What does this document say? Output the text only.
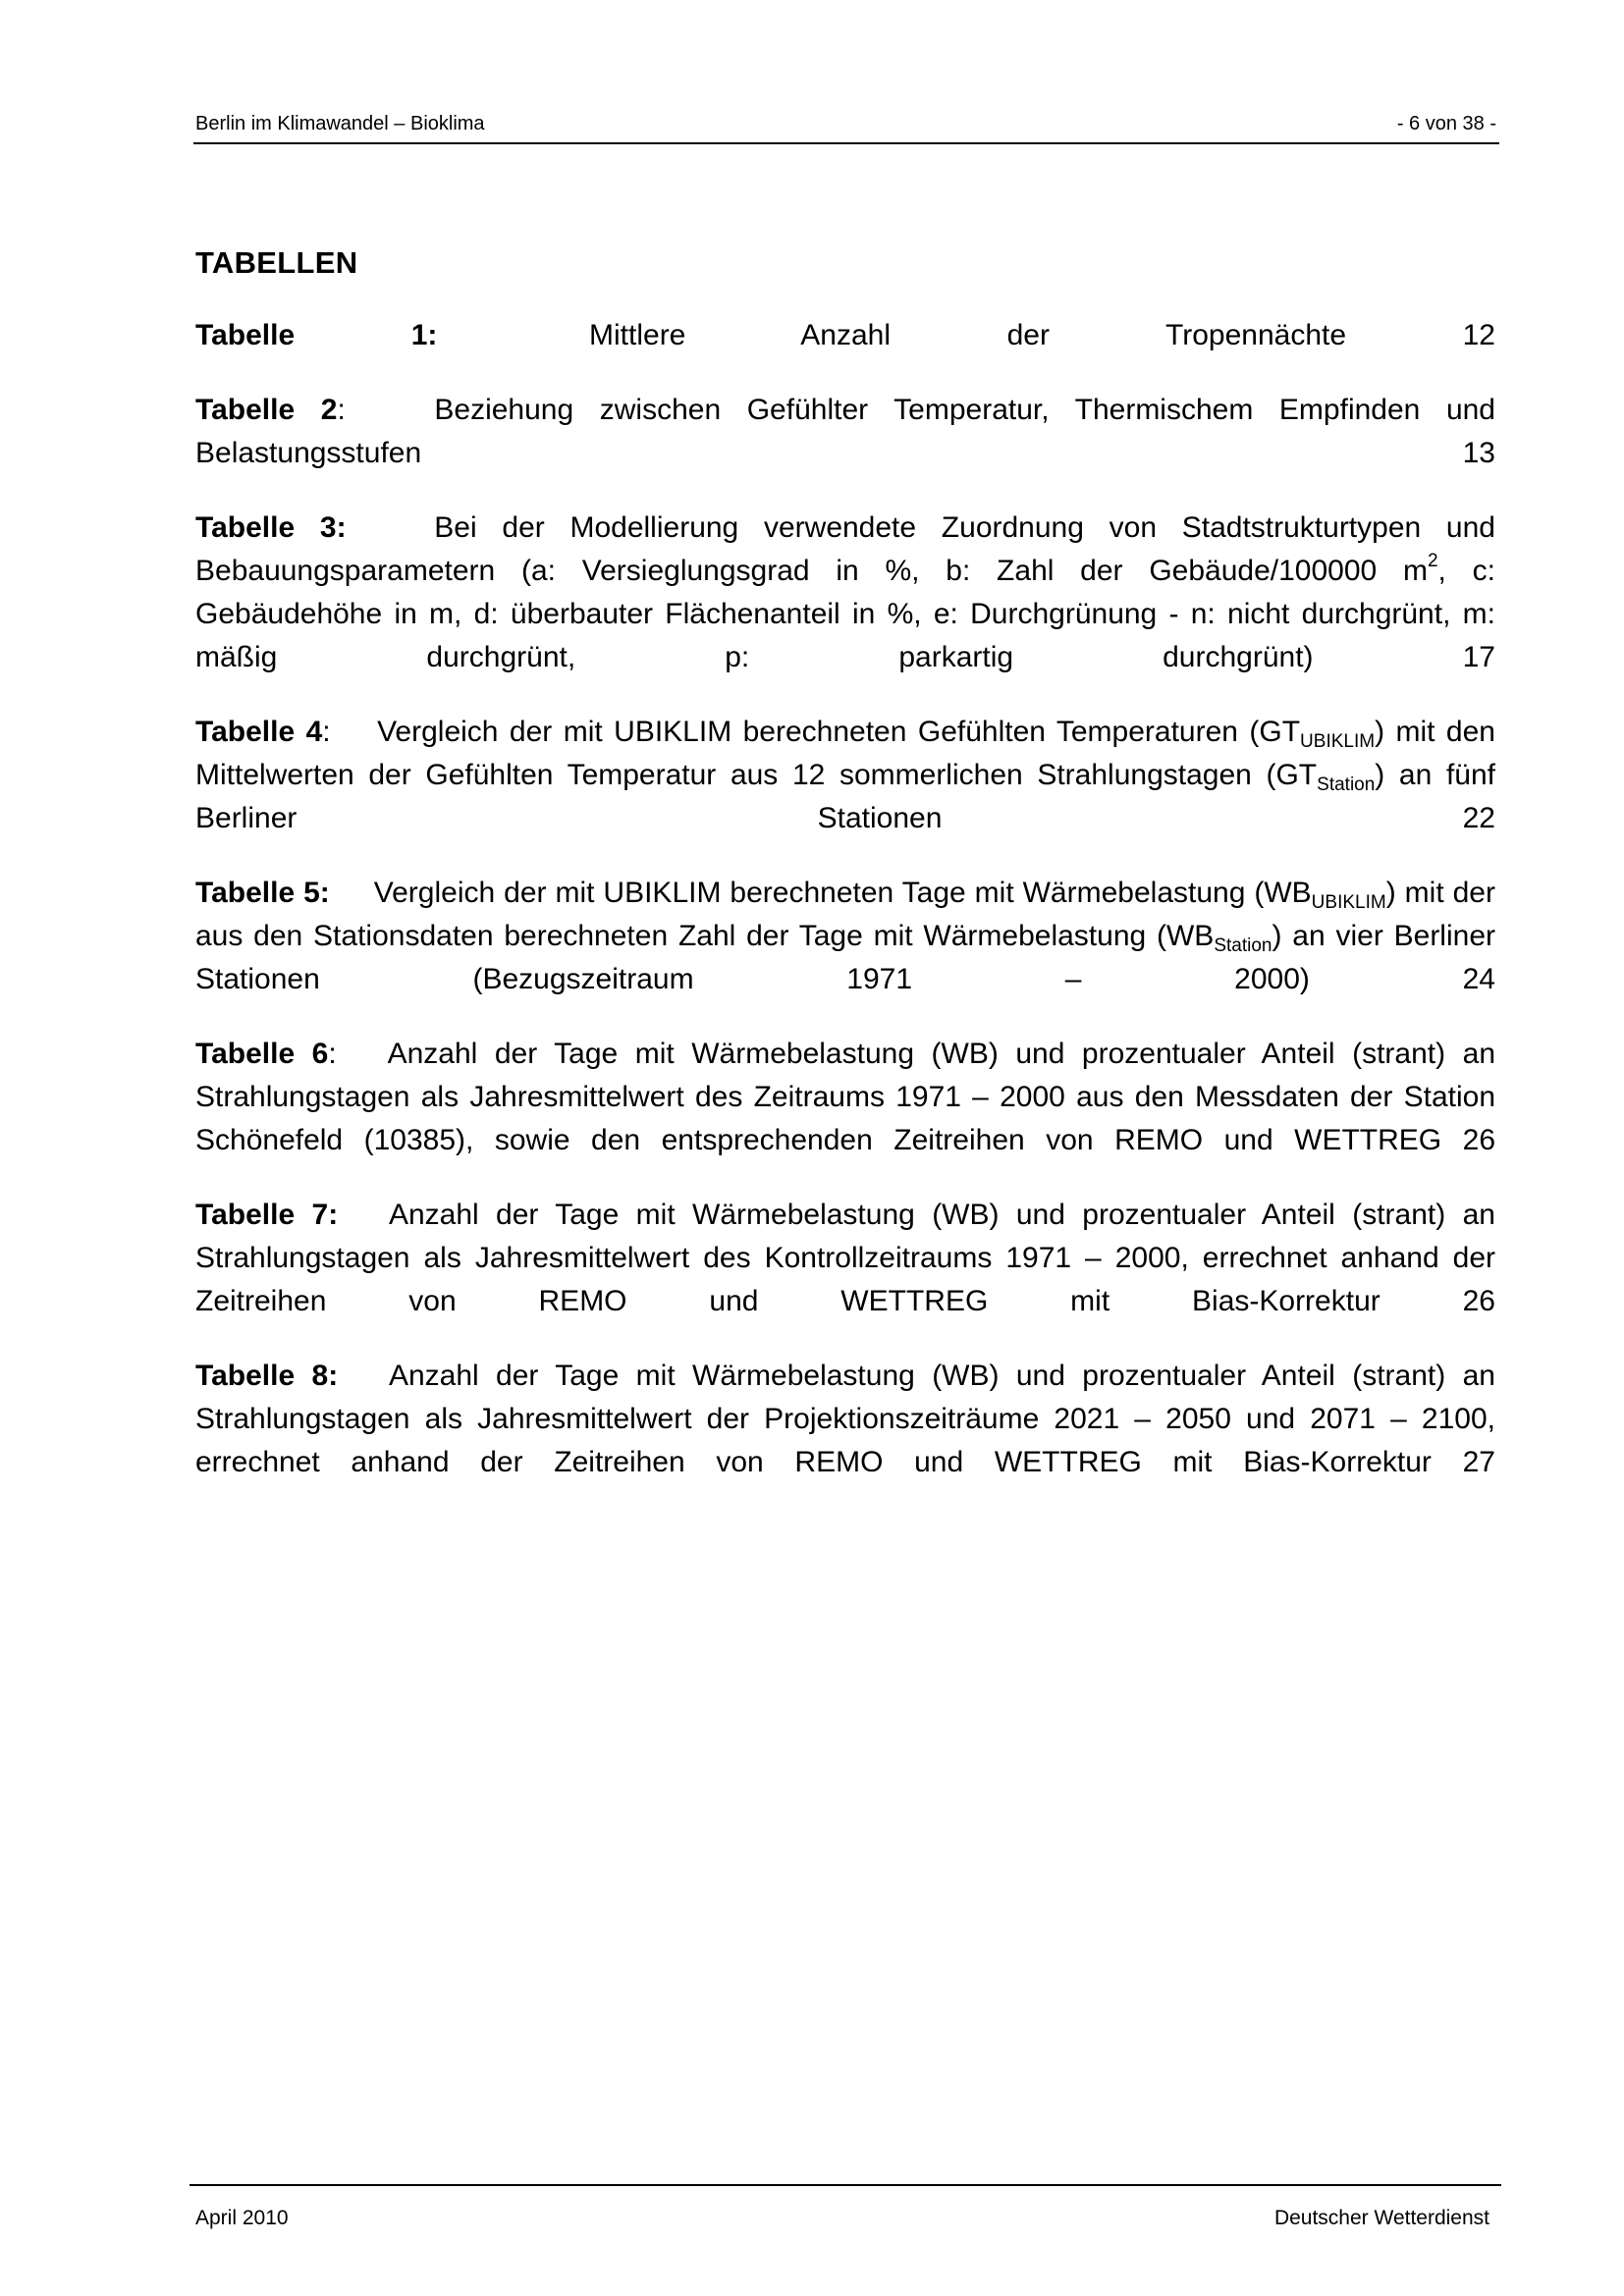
Berlin im Klimawandel – Bioklima	- 6 von 38 -
TABELLEN
Tabelle 1:	Mittlere Anzahl der Tropennächte	12
Tabelle 2:	Beziehung zwischen Gefühlter Temperatur, Thermischem Empfinden und Belastungsstufen	13
Tabelle 3:	Bei der Modellierung verwendete Zuordnung von Stadtstrukturtypen und Bebauungsparametern (a: Versieglungsgrad in %, b: Zahl der Gebäude/100000 $m^2$, c: Gebäudehöhe in m, d: überbauter Flächenanteil in %, e: Durchgrünung - n: nicht durchgrünt, m: mäßig durchgrünt, p: parkartig durchgrünt)	17
Tabelle 4: Vergleich der mit UBIKLIM berechneten Gefühlten Temperaturen $(GT_{UBIKLIM})$ mit den Mittelwerten der Gefühlten Temperatur aus 12 sommerlichen Strahlungstagen $(GT_{Station})$ an fünf Berliner Stationen	22
Tabelle 5: Vergleich der mit UBIKLIM berechneten Tage mit Wärmebelastung $(WB_{UBIKLIM})$ mit der aus den Stationsdaten berechneten Zahl der Tage mit Wärmebelastung $(WB_{Station})$ an vier Berliner Stationen (Bezugszeitraum 1971 – 2000)	24
Tabelle 6: Anzahl der Tage mit Wärmebelastung (WB) und prozentualer Anteil (strant) an Strahlungstagen als Jahresmittelwert des Zeitraums 1971 – 2000 aus den Messdaten der Station Schönefeld (10385), sowie den entsprechenden Zeitreihen von REMO und WETTREG 26
Tabelle 7: Anzahl der Tage mit Wärmebelastung (WB) und prozentualer Anteil (strant) an Strahlungstagen als Jahresmittelwert des Kontrollzeitraums 1971 – 2000, errechnet anhand der Zeitreihen von REMO und WETTREG mit Bias-Korrektur	26
Tabelle 8: Anzahl der Tage mit Wärmebelastung (WB) und prozentualer Anteil (strant) an Strahlungstagen als Jahresmittelwert der Projektionszeiträume 2021 – 2050 und 2071 – 2100, errechnet anhand der Zeitreihen von REMO und WETTREG mit Bias-Korrektur 27
April 2010	Deutscher Wetterdienst
